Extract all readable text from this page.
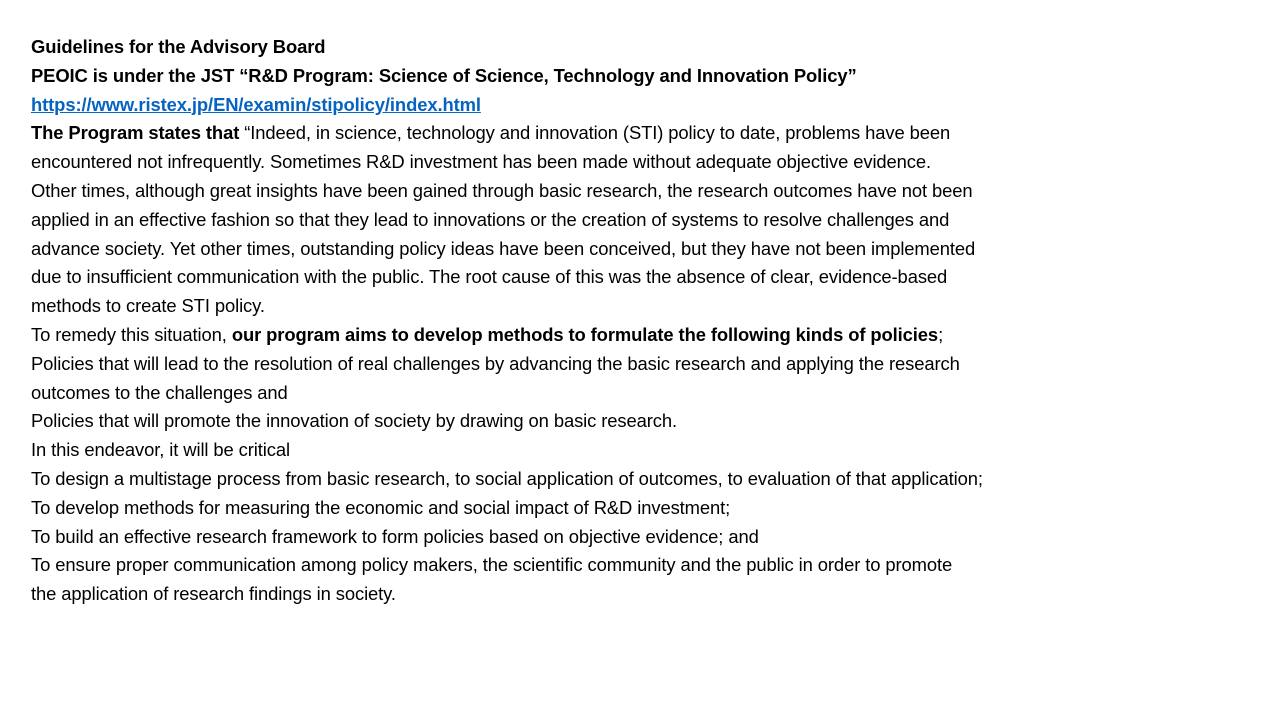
Guidelines for the Advisory Board
PEOIC is under the JST “R&D Program: Science of Science, Technology and Innovation Policy”
https://www.ristex.jp/EN/examin/stipolicy/index.html
The Program states that “Indeed, in science, technology and innovation (STI) policy to date, problems have been
encountered not infrequently. Sometimes R&D investment has been made without adequate objective evidence.
Other times, although great insights have been gained through basic research, the research outcomes have not been
applied in an effective fashion so that they lead to innovations or the creation of systems to resolve challenges and
advance society. Yet other times, outstanding policy ideas have been conceived, but they have not been implemented
due to insufficient communication with the public. The root cause of this was the absence of clear, evidence-based
methods to create STI policy.
To remedy this situation, our program aims to develop methods to formulate the following kinds of policies;
Policies that will lead to the resolution of real challenges by advancing the basic research and applying the research
outcomes to the challenges and
Policies that will promote the innovation of society by drawing on basic research.
In this endeavor, it will be critical
To design a multistage process from basic research, to social application of outcomes, to evaluation of that application;
To develop methods for measuring the economic and social impact of R&D investment;
To build an effective research framework to form policies based on objective evidence; and
To ensure proper communication among policy makers, the scientific community and the public in order to promote
the application of research findings in society.
